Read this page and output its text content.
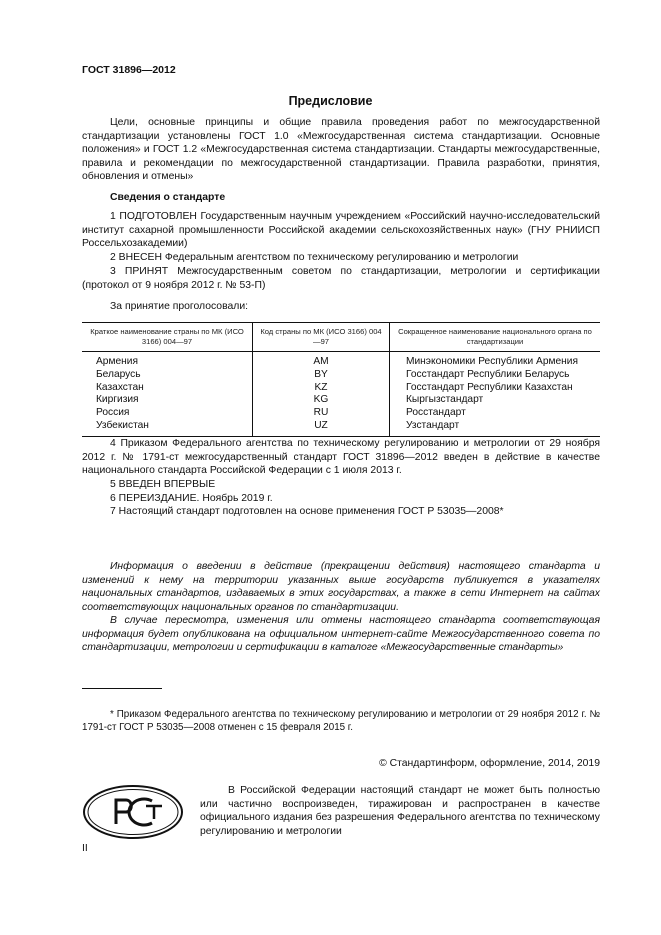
ГОСТ 31896—2012
Предисловие

Цели, основные принципы и общие правила проведения работ по межгосударственной стандартизации установлены ГОСТ 1.0 «Межгосударственная система стандартизации. Основные положения» и ГОСТ 1.2 «Межгосударственная система стандартизации. Стандарты межгосударственные, правила и рекомендации по межгосударственной стандартизации. Правила разработки, принятия, обновления и отмены»

Сведения о стандарте

1 ПОДГОТОВЛЕН Государственным научным учреждением «Российский научно-исследовательский институт сахарной промышленности Российской академии сельскохозяйственных наук» (ГНУ РНИИСП Россельхозакадемии)

2 ВНЕСЕН Федеральным агентством по техническому регулированию и метрологии

3 ПРИНЯТ Межгосударственным советом по стандартизации, метрологии и сертификации (протокол от 9 ноября 2012 г. № 53-П)

За принятие проголосовали:

Краткое наименование страны по МК (ИСО 3166) 004—97	Код страны по МК (ИСО 3166) 004—97	Сокращенное наименование национального органа по стандартизации
Армения	AM	Минэкономики Республики Армения
Беларусь	BY	Госстандарт Республики Беларусь
Казахстан	KZ	Госстандарт Республики Казахстан
Киргизия	KG	Кыргызстандарт
Россия	RU	Росстандарт
Узбекистан	UZ	Узстандарт

4 Приказом Федерального агентства по техническому регулированию и метрологии от 29 ноября 2012 г. № 1791-ст межгосударственный стандарт ГОСТ 31896—2012 введен в действие в качестве национального стандарта Российской Федерации с 1 июля 2013 г.

5 ВВЕДЕН ВПЕРВЫЕ

6 ПЕРЕИЗДАНИЕ. Ноябрь 2019 г.

7 Настоящий стандарт подготовлен на основе применения ГОСТ Р 53035—2008*

Информация о введении в действие (прекращении действия) настоящего стандарта и изменений к нему на территории указанных выше государств публикуется в указателях национальных стандартов, издаваемых в этих государствах, а также в сети Интернет на сайтах соответствующих национальных органов по стандартизации.

В случае пересмотра, изменения или отмены настоящего стандарта соответствующая информация будет опубликована на официальном интернет-сайте Межгосударственного совета по стандартизации, метрологии и сертификации в каталоге «Межгосударственные стандарты»

* Приказом Федерального агентства по техническому регулированию и метрологии от 29 ноября 2012 г. № 1791-ст ГОСТ Р 53035—2008 отменен с 15 февраля 2015 г.

© Стандартинформ, оформление, 2014, 2019

В Российской Федерации настоящий стандарт не может быть полностью или частично воспроизведен, тиражирован и распространен в качестве официального издания без разрешения Федерального агентства по техническому регулированию и метрологии

II
